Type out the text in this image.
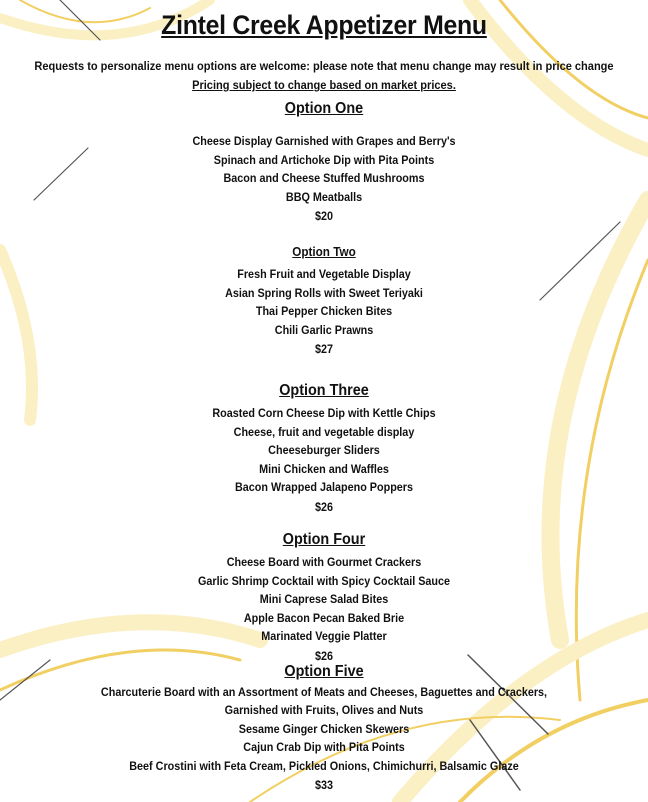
Zintel Creek Appetizer Menu
Requests to personalize menu options are welcome: please note that menu change may result in price change
Pricing subject to change based on market prices.
Option One
Cheese Display Garnished with Grapes and Berry's
Spinach and Artichoke Dip with Pita Points
Bacon and Cheese Stuffed Mushrooms
BBQ Meatballs
$20
Option Two
Fresh Fruit and Vegetable Display
Asian Spring Rolls with Sweet Teriyaki
Thai Pepper Chicken Bites
Chili Garlic Prawns
$27
Option Three
Roasted Corn Cheese Dip with Kettle Chips
Cheese, fruit and vegetable display
Cheeseburger Sliders
Mini Chicken and Waffles
Bacon Wrapped Jalapeno Poppers
$26
Option Four
Cheese Board with Gourmet Crackers
Garlic Shrimp Cocktail with Spicy Cocktail Sauce
Mini Caprese Salad Bites
Apple Bacon Pecan Baked Brie
Marinated Veggie Platter
$26
Option Five
Charcuterie Board with an Assortment of Meats and Cheeses, Baguettes and Crackers,
Garnished with Fruits, Olives and Nuts
Sesame Ginger Chicken Skewers
Cajun Crab Dip with Pita Points
Beef Crostini with Feta Cream, Pickled Onions, Chimichurri, Balsamic Glaze
$33
